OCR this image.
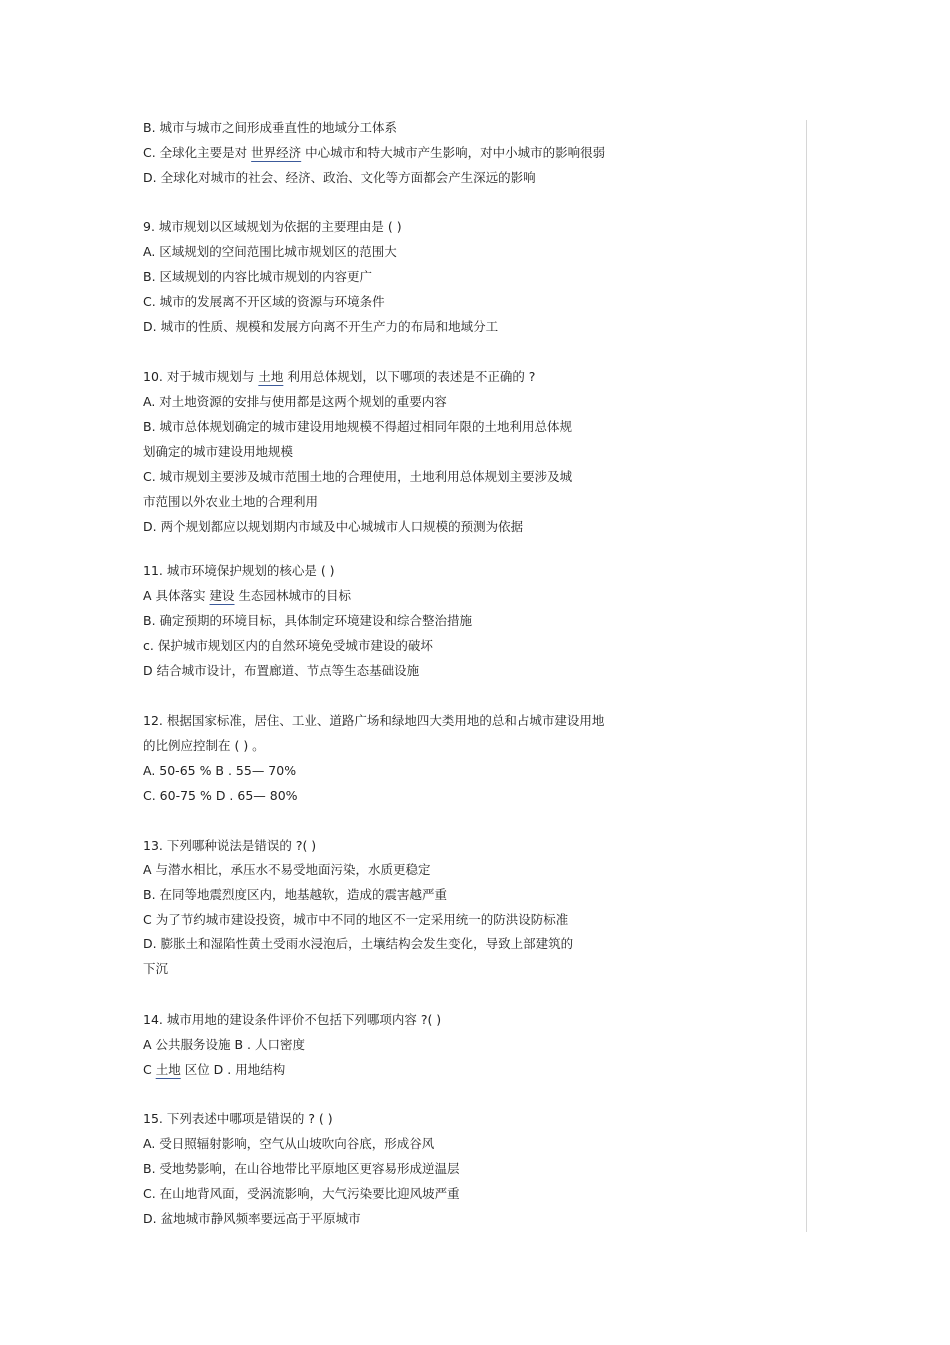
B. 城市与城市之间形成垂直性的地域分工体系
C. 全球化主要是对 世界经济 中心城市和特大城市产生影响，对中小城市的影响很弱
D. 全球化对城市的社会、经济、政治、文化等方面都会产生深远的影响
9. 城市规划以区域规划为依据的主要理由是 ( )
A. 区域规划的空间范围比城市规划区的范围大
B. 区域规划的内容比城市规划的内容更广
C. 城市的发展离不开区域的资源与环境条件
D. 城市的性质、规模和发展方向离不开生产力的布局和地域分工
10. 对于城市规划与 土地 利用总体规划，以下哪项的表述是不正确的 ?
A. 对土地资源的安排与使用都是这两个规划的重要内容
B. 城市总体规划确定的城市建设用地规模不得超过相同年限的土地利用总体规
划确定的城市建设用地规模
C. 城市规划主要涉及城市范围土地的合理使用，土地利用总体规划主要涉及城
市范围以外农业土地的合理利用
D. 两个规划都应以规划期内市域及中心城城市人口规模的预测为依据
11. 城市环境保护规划的核心是 ( )
A 具体落实 建设 生态园林城市的目标
B. 确定预期的环境目标，具体制定环境建设和综合整治措施
c. 保护城市规划区内的自然环境免受城市建设的破坏
D 结合城市设计，布置廊道、节点等生态基础设施
12. 根据国家标准，居住、工业、道路广场和绿地四大类用地的总和占城市建设用地
的比例应控制在 ( ) 。
A. 50-65 % B . 55— 70%
C. 60-75 % D . 65— 80%
13. 下列哪种说法是错误的 ?( )
A 与潜水相比，承压水不易受地面污染，水质更稳定
B. 在同等地震烈度区内，地基越软，造成的震害越严重
C 为了节约城市建设投资，城市中不同的地区不一定采用统一的防洪设防标准
D. 膨胀土和湿陷性黄土受雨水浸泡后，土壤结构会发生变化，导致上部建筑的
下沉
14. 城市用地的建设条件评价不包括下列哪项内容 ?( )
A 公共服务设施 B . 人口密度
C 土地 区位 D . 用地结构
15. 下列表述中哪项是错误的 ? ( )
A. 受日照辐射影响，空气从山坡吹向谷底，形成谷风
B. 受地势影响，在山谷地带比平原地区更容易形成逆温层
C. 在山地背风面，受涡流影响，大气污染要比迎风坡严重
D. 盆地城市静风频率要远高于平原城市
